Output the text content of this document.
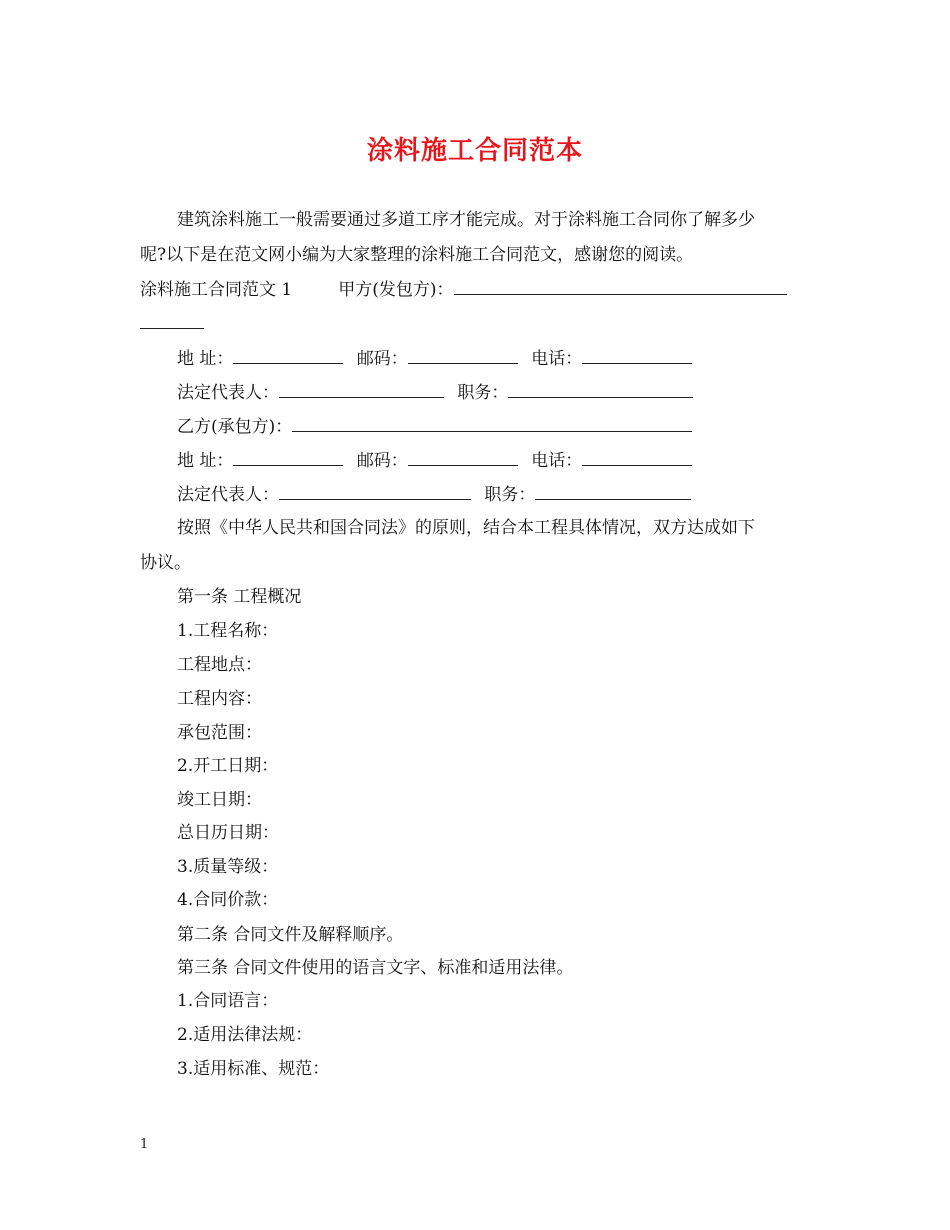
涂料施工合同范本
建筑涂料施工一般需要通过多道工序才能完成。对于涂料施工合同你了解多少
呢?以下是在范文网小编为大家整理的涂料施工合同范文，感谢您的阅读。
涂料施工合同范文 1	甲方(发包方)：
地 址：	邮码：	电话：
法定代表人：	职务：
乙方(承包方)：
地 址：	邮码：	电话：
法定代表人：	职务：
按照《中华人民共和国合同法》的原则，结合本工程具体情况，双方达成如下
协议。
第一条 工程概况
1.工程名称：
工程地点：
工程内容：
承包范围：
2.开工日期：
竣工日期：
总日历日期：
3.质量等级：
4.合同价款：
第二条 合同文件及解释顺序。
第三条 合同文件使用的语言文字、标准和适用法律。
1.合同语言：
2.适用法律法规：
3.适用标准、规范：
1
